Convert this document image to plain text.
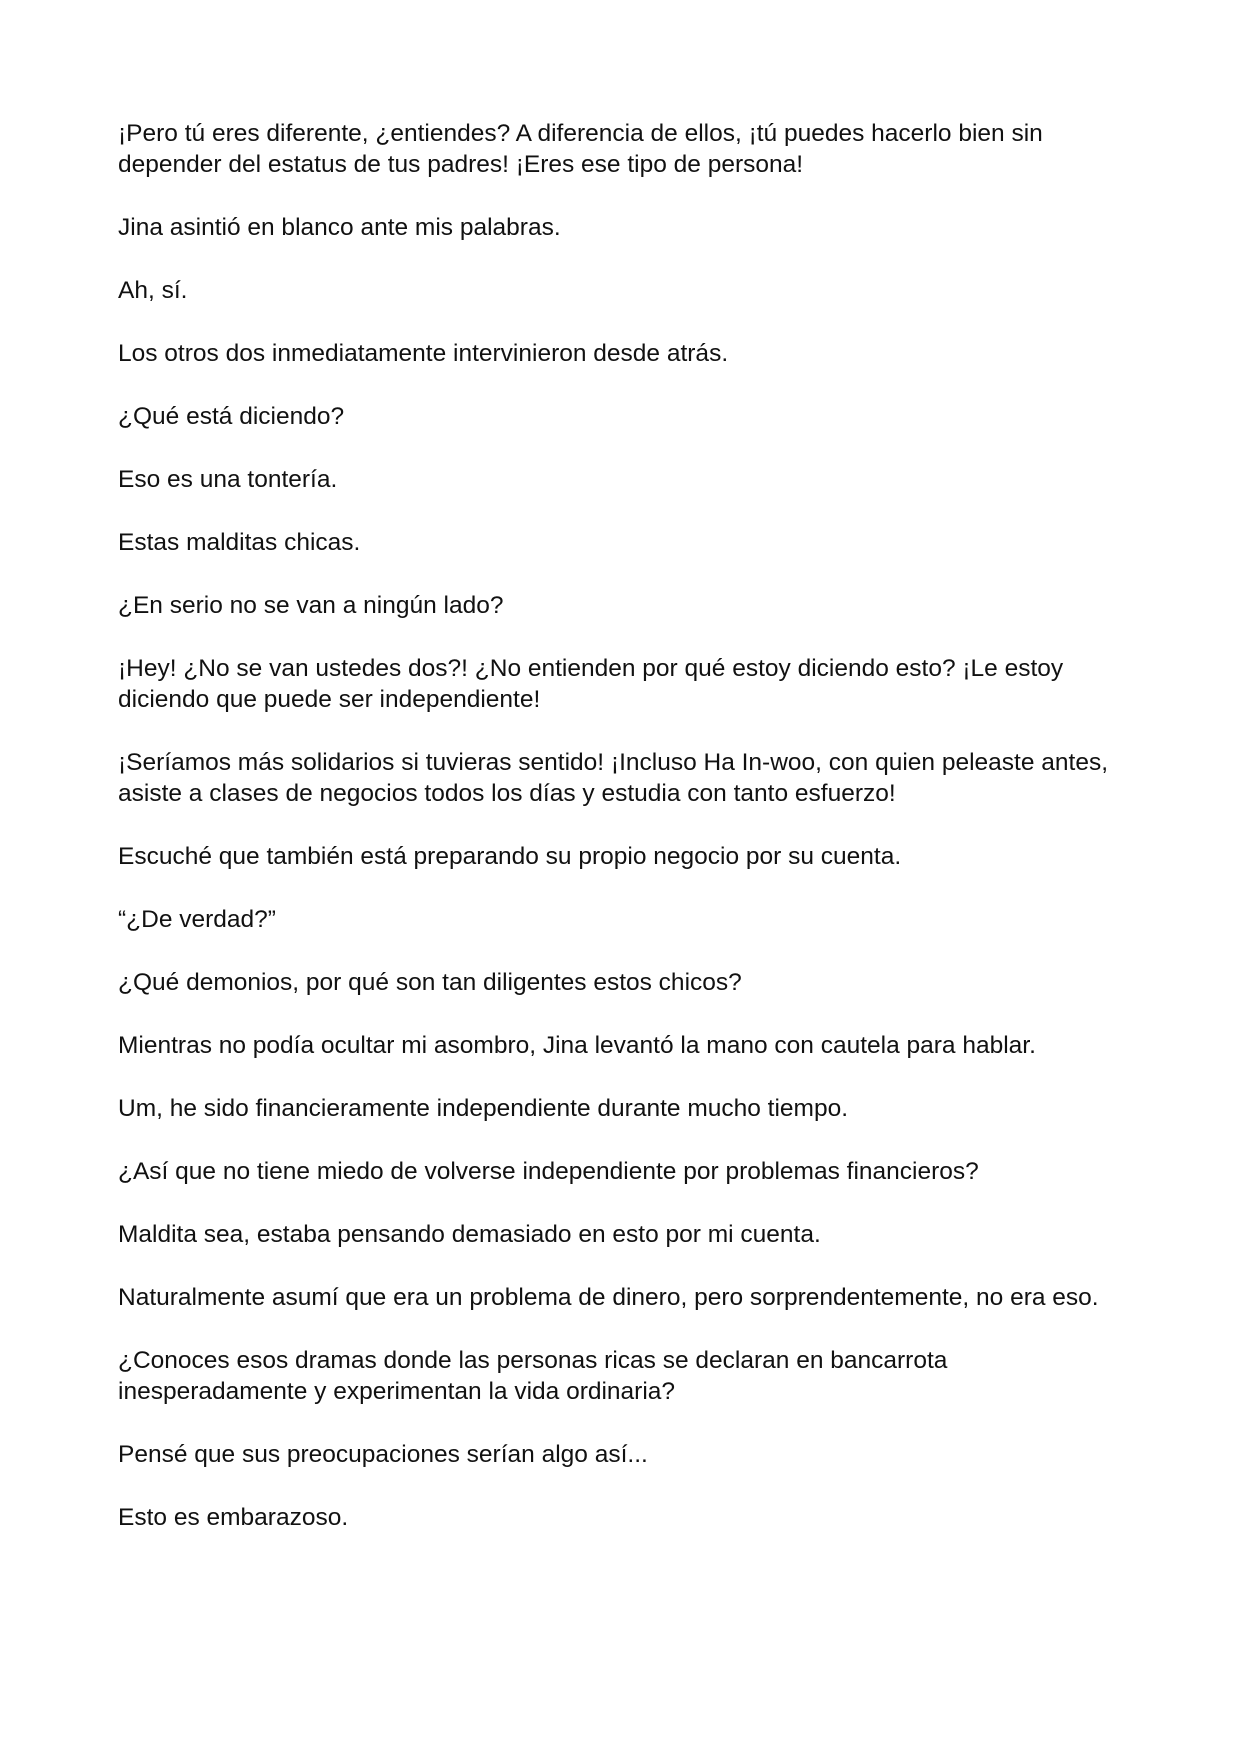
¡Pero tú eres diferente, ¿entiendes? A diferencia de ellos, ¡tú puedes hacerlo bien sin depender del estatus de tus padres! ¡Eres ese tipo de persona!

Jina asintió en blanco ante mis palabras.

Ah, sí.

Los otros dos inmediatamente intervinieron desde atrás.

¿Qué está diciendo?

Eso es una tontería.

Estas malditas chicas.

¿En serio no se van a ningún lado?

¡Hey! ¿No se van ustedes dos?! ¿No entienden por qué estoy diciendo esto? ¡Le estoy diciendo que puede ser independiente!

¡Seríamos más solidarios si tuvieras sentido! ¡Incluso Ha In-woo, con quien peleaste antes, asiste a clases de negocios todos los días y estudia con tanto esfuerzo!

Escuché que también está preparando su propio negocio por su cuenta.

“¿De verdad?”

¿Qué demonios, por qué son tan diligentes estos chicos?

Mientras no podía ocultar mi asombro, Jina levantó la mano con cautela para hablar.

Um, he sido financieramente independiente durante mucho tiempo.

¿Así que no tiene miedo de volverse independiente por problemas financieros?

Maldita sea, estaba pensando demasiado en esto por mi cuenta.

Naturalmente asumí que era un problema de dinero, pero sorprendentemente, no era eso.

¿Conoces esos dramas donde las personas ricas se declaran en bancarrota inesperadamente y experimentan la vida ordinaria?

Pensé que sus preocupaciones serían algo así...

Esto es embarazoso.
